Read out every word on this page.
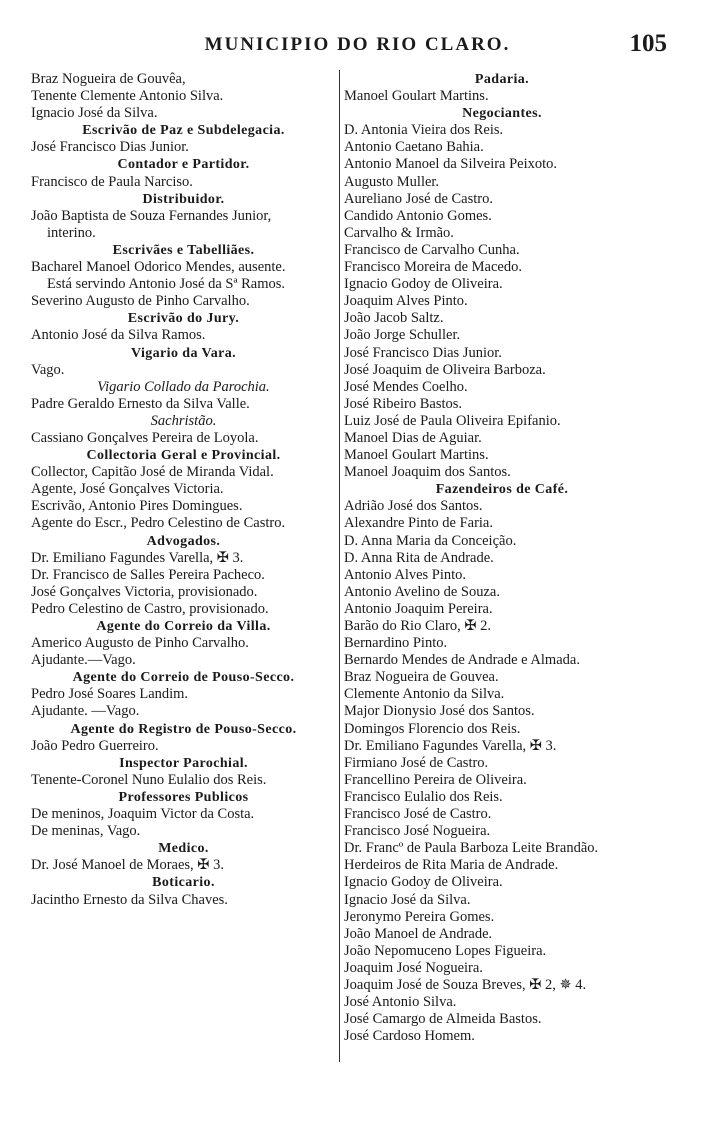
MUNICIPIO DO RIO CLARO.	105
Braz Nogueira de Gouvêa,
Tenente Clemente Antonio Silva.
Ignacio José da Silva.
Escrivão de Paz e Subdelegacia.
José Francisco Dias Junior.
Contador e Partidor.
Francisco de Paula Narciso.
Distribuidor.
João Baptista de Souza Fernandes Junior,
interino.
Escrivães e Tabelliães.
Bacharel Manoel Odorico Mendes, ausente.
Está servindo Antonio José da Sª Ramos.
Severino Augusto de Pinho Carvalho.
Escrivão do Jury.
Antonio José da Silva Ramos.
Vigario da Vara.
Vago.
Vigario Collado da Parochia.
Padre Geraldo Ernesto da Silva Valle.
Sachristão.
Cassiano Gonçalves Pereira de Loyola.
Collectoria Geral e Provincial.
Collector, Capitão José de Miranda Vidal.
Agente, José Gonçalves Victoria.
Escrivão, Antonio Pires Domingues.
Agente do Escr., Pedro Celestino de Castro.
Advogados.
Dr. Emiliano Fagundes Varella, ✠ 3.
Dr. Francisco de Salles Pereira Pacheco.
José Gonçalves Victoria, provisionado.
Pedro Celestino de Castro, provisionado.
Agente do Correio da Villa.
Americo Augusto de Pinho Carvalho.
Ajudante.—Vago.
Agente do Correio de Pouso-Secco.
Pedro José Soares Landim.
Ajudante. —Vago.
Agente do Registro de Pouso-Secco.
João Pedro Guerreiro.
Inspector Parochial.
Tenente-Coronel Nuno Eulalio dos Reis.
Professores Publicos
De meninos, Joaquim Victor da Costa.
De meninas, Vago.
Medico.
Dr. José Manoel de Moraes, ✠ 3.
Boticario.
Jacintho Ernesto da Silva Chaves.
Padaria.
Manoel Goulart Martins.
Negociantes.
D. Antonia Vieira dos Reis.
Antonio Caetano Bahia.
Antonio Manoel da Silveira Peixoto.
Augusto Muller.
Aureliano José de Castro.
Candido Antonio Gomes.
Carvalho & Irmão.
Francisco de Carvalho Cunha.
Francisco Moreira de Macedo.
Ignacio Godoy de Oliveira.
Joaquim Alves Pinto.
João Jacob Saltz.
João Jorge Schuller.
José Francisco Dias Junior.
José Joaquim de Oliveira Barboza.
José Mendes Coelho.
José Ribeiro Bastos.
Luiz José de Paula Oliveira Epifanio.
Manoel Dias de Aguiar.
Manoel Goulart Martins.
Manoel Joaquim dos Santos.
Fazendeiros de Café.
Adrião José dos Santos.
Alexandre Pinto de Faria.
D. Anna Maria da Conceição.
D. Anna Rita de Andrade.
Antonio Alves Pinto.
Antonio Avelino de Souza.
Antonio Joaquim Pereira.
Barão do Rio Claro, ✠ 2.
Bernardino Pinto.
Bernardo Mendes de Andrade e Almada.
Braz Nogueira de Gouvea.
Clemente Antonio da Silva.
Major Dionysio José dos Santos.
Domingos Florencio dos Reis.
Dr. Emiliano Fagundes Varella, ✠ 3.
Firmiano José de Castro.
Francellino Pereira de Oliveira.
Francisco Eulalio dos Reis.
Francisco José de Castro.
Francisco José Nogueira.
Dr. Francº de Paula Barboza Leite Brandão.
Herdeiros de Rita Maria de Andrade.
Ignacio Godoy de Oliveira.
Ignacio José da Silva.
Jeronymo Pereira Gomes.
João Manoel de Andrade.
João Nepomuceno Lopes Figueira.
Joaquim José Nogueira.
Joaquim José de Souza Breves, ✠ 2, ✵ 4.
José Antonio Silva.
José Camargo de Almeida Bastos.
José Cardoso Homem.
